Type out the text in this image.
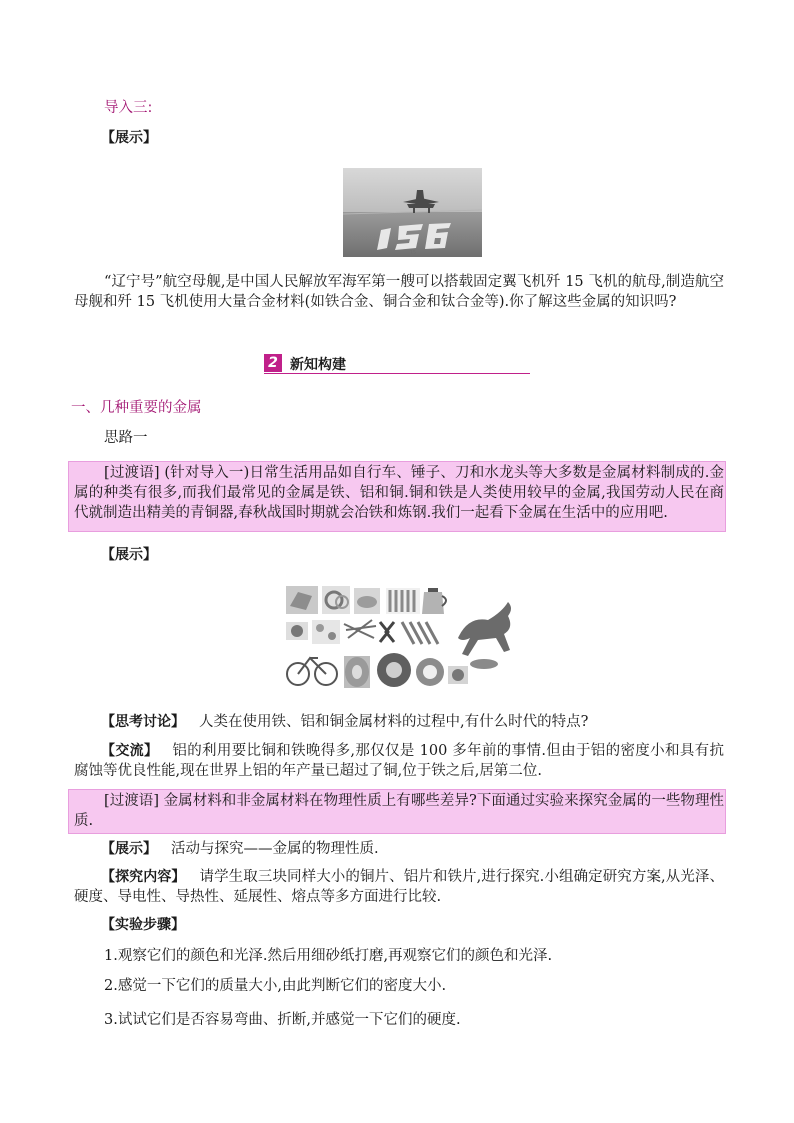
导入三:
【展示】
15
“辽宁号”航空母舰,是中国人民解放军海军第一艘可以搭载固定翼飞机歼 15 飞机的航母,制造航空母舰和歼 15 飞机使用大量合金材料(如铁合金、铜合金和钛合金等).你了解这些金属的知识吗?
2 新知构建
一、几种重要的金属
思路一
[过渡语] (针对导入一)日常生活用品如自行车、锤子、刀和水龙头等大多数是金属材料制成的.金属的种类有很多,而我们最常见的金属是铁、铝和铜.铜和铁是人类使用较早的金属,我国劳动人民在商代就制造出精美的青铜器,春秋战国时期就会冶铁和炼钢.我们一起看下金属在生活中的应用吧.
【展示】
【思考讨论】 人类在使用铁、铝和铜金属材料的过程中,有什么时代的特点?
【交流】 铝的利用要比铜和铁晚得多,那仅仅是 100 多年前的事情.但由于铝的密度小和具有抗腐蚀等优良性能,现在世界上铝的年产量已超过了铜,位于铁之后,居第二位.
[过渡语] 金属材料和非金属材料在物理性质上有哪些差异?下面通过实验来探究金属的一些物理性质.
【展示】 活动与探究——金属的物理性质.
【探究内容】 请学生取三块同样大小的铜片、铝片和铁片,进行探究.小组确定研究方案,从光泽、硬度、导电性、导热性、延展性、熔点等多方面进行比较.
【实验步骤】
1.观察它们的颜色和光泽.然后用细砂纸打磨,再观察它们的颜色和光泽.
2.感觉一下它们的质量大小,由此判断它们的密度大小.
3.试试它们是否容易弯曲、折断,并感觉一下它们的硬度.
